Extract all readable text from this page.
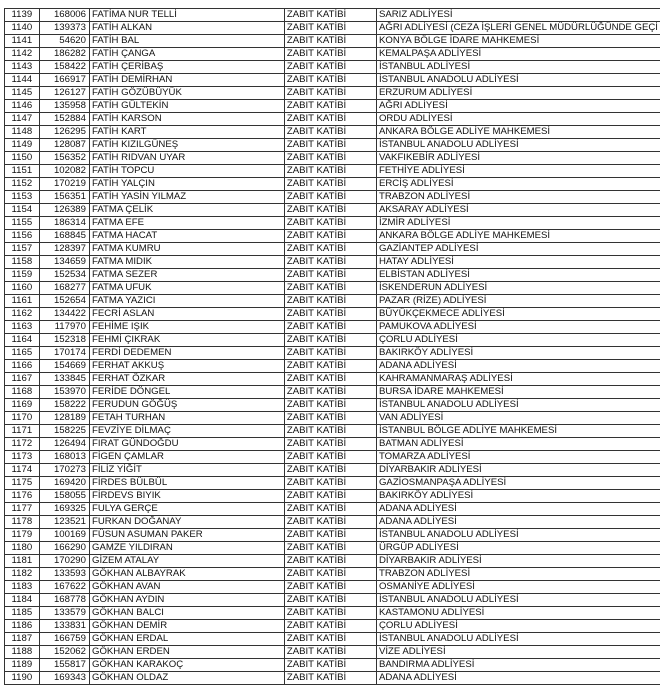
1139	168006	FATİMA NUR TELLİ	ZABIT KATİBİ	SARIZ ADLİYESİ
1140	139373	FATİH ALKAN	ZABIT KATİBİ	AĞRI ADLİYESİ (CEZA İŞLERİ GENEL MÜDÜRLÜĞÜNDE GEÇİ
1141	54620	FATİH BAL	ZABIT KATİBİ	KONYA BÖLGE İDARE MAHKEMESİ
1142	186282	FATİH ÇANGA	ZABIT KATİBİ	KEMALPAŞA ADLİYESİ
1143	158422	FATİH ÇERİBAŞ	ZABIT KATİBİ	İSTANBUL ADLİYESİ
1144	166917	FATİH DEMİRHAN	ZABIT KATİBİ	İSTANBUL ANADOLU ADLİYESİ
1145	126127	FATİH GÖZÜBÜYÜK	ZABIT KATİBİ	ERZURUM ADLİYESİ
1146	135958	FATİH GÜLTEKİN	ZABIT KATİBİ	AĞRI ADLİYESİ
1147	152884	FATİH KARSON	ZABIT KATİBİ	ORDU ADLİYESİ
1148	126295	FATİH KART	ZABIT KATİBİ	ANKARA BÖLGE ADLİYE MAHKEMESİ
1149	128087	FATİH KIZILGÜNEŞ	ZABIT KATİBİ	İSTANBUL ANADOLU ADLİYESİ
1150	156352	FATİH RIDVAN UYAR	ZABIT KATİBİ	VAKFIKEBİR ADLİYESİ
1151	102082	FATİH TOPCU	ZABIT KATİBİ	FETHİYE ADLİYESİ
1152	170219	FATİH YALÇIN	ZABIT KATİBİ	ERCİŞ ADLİYESİ
1153	156351	FATİH YASİN YILMAZ	ZABIT KATİBİ	TRABZON ADLİYESİ
1154	126389	FATMA ÇELİK	ZABIT KATİBİ	AKSARAY ADLİYESİ
1155	186314	FATMA EFE	ZABIT KATİBİ	İZMİR ADLİYESİ
1156	168845	FATMA HACAT	ZABIT KATİBİ	ANKARA BÖLGE ADLİYE MAHKEMESİ
1157	128397	FATMA KUMRU	ZABIT KATİBİ	GAZİANTEP ADLİYESİ
1158	134659	FATMA MIDIK	ZABIT KATİBİ	HATAY ADLİYESİ
1159	152534	FATMA SEZER	ZABIT KATİBİ	ELBİSTAN ADLİYESİ
1160	168277	FATMA UFUK	ZABIT KATİBİ	İSKENDERUN ADLİYESİ
1161	152654	FATMA YAZICI	ZABIT KATİBİ	PAZAR (RİZE) ADLİYESİ
1162	134422	FECRİ ASLAN	ZABIT KATİBİ	BÜYÜKÇEKMECE ADLİYESİ
1163	117970	FEHİME IŞIK	ZABIT KATİBİ	PAMUKOVA ADLİYESİ
1164	152318	FEHMİ ÇIKRAK	ZABIT KATİBİ	ÇORLU ADLİYESİ
1165	170174	FERDİ DEDEMEN	ZABIT KATİBİ	BAKIRKÖY ADLİYESİ
1166	154669	FERHAT AKKUŞ	ZABIT KATİBİ	ADANA ADLİYESİ
1167	133845	FERHAT ÖZKAR	ZABIT KATİBİ	KAHRAMANMARAŞ ADLİYESİ
1168	153970	FERİDE DÖNGEL	ZABIT KATİBİ	BURSA İDARE MAHKEMESİ
1169	158222	FERUDUN GÖĞÜŞ	ZABIT KATİBİ	İSTANBUL ANADOLU ADLİYESİ
1170	128189	FETAH TURHAN	ZABIT KATİBİ	VAN ADLİYESİ
1171	158225	FEVZİYE DİLMAÇ	ZABIT KATİBİ	İSTANBUL BÖLGE ADLİYE MAHKEMESİ
1172	126494	FIRAT GÜNDOĞDU	ZABIT KATİBİ	BATMAN ADLİYESİ
1173	168013	FİGEN ÇAMLAR	ZABIT KATİBİ	TOMARZA ADLİYESİ
1174	170273	FİLİZ YİĞİT	ZABIT KATİBİ	DİYARBAKIR ADLİYESİ
1175	169420	FİRDES BÜLBÜL	ZABIT KATİBİ	GAZİOSMANPAŞA ADLİYESİ
1176	158055	FİRDEVS BIYIK	ZABIT KATİBİ	BAKIRKÖY ADLİYESİ
1177	169325	FULYA GERÇE	ZABIT KATİBİ	ADANA ADLİYESİ
1178	123521	FURKAN DOĞANAY	ZABIT KATİBİ	ADANA ADLİYESİ
1179	100169	FÜSUN ASUMAN PAKER	ZABIT KATİBİ	İSTANBUL ANADOLU ADLİYESİ
1180	166290	GAMZE YILDIRAN	ZABIT KATİBİ	ÜRGÜP ADLİYESİ
1181	170290	GİZEM ATALAY	ZABIT KATİBİ	DİYARBAKIR ADLİYESİ
1182	133593	GÖKHAN ALBAYRAK	ZABIT KATİBİ	TRABZON ADLİYESİ
1183	167622	GÖKHAN AVAN	ZABIT KATİBİ	OSMANİYE ADLİYESİ
1184	168778	GÖKHAN AYDIN	ZABIT KATİBİ	İSTANBUL ANADOLU ADLİYESİ
1185	133579	GÖKHAN BALCI	ZABIT KATİBİ	KASTAMONU ADLİYESİ
1186	133831	GÖKHAN DEMİR	ZABIT KATİBİ	ÇORLU ADLİYESİ
1187	166759	GÖKHAN ERDAL	ZABIT KATİBİ	İSTANBUL ANADOLU ADLİYESİ
1188	152062	GÖKHAN ERDEN	ZABIT KATİBİ	VİZE ADLİYESİ
1189	155817	GÖKHAN KARAKOÇ	ZABIT KATİBİ	BANDIRMA ADLİYESİ
1190	169343	GÖKHAN OLDAZ	ZABIT KATİBİ	ADANA ADLİYESİ
